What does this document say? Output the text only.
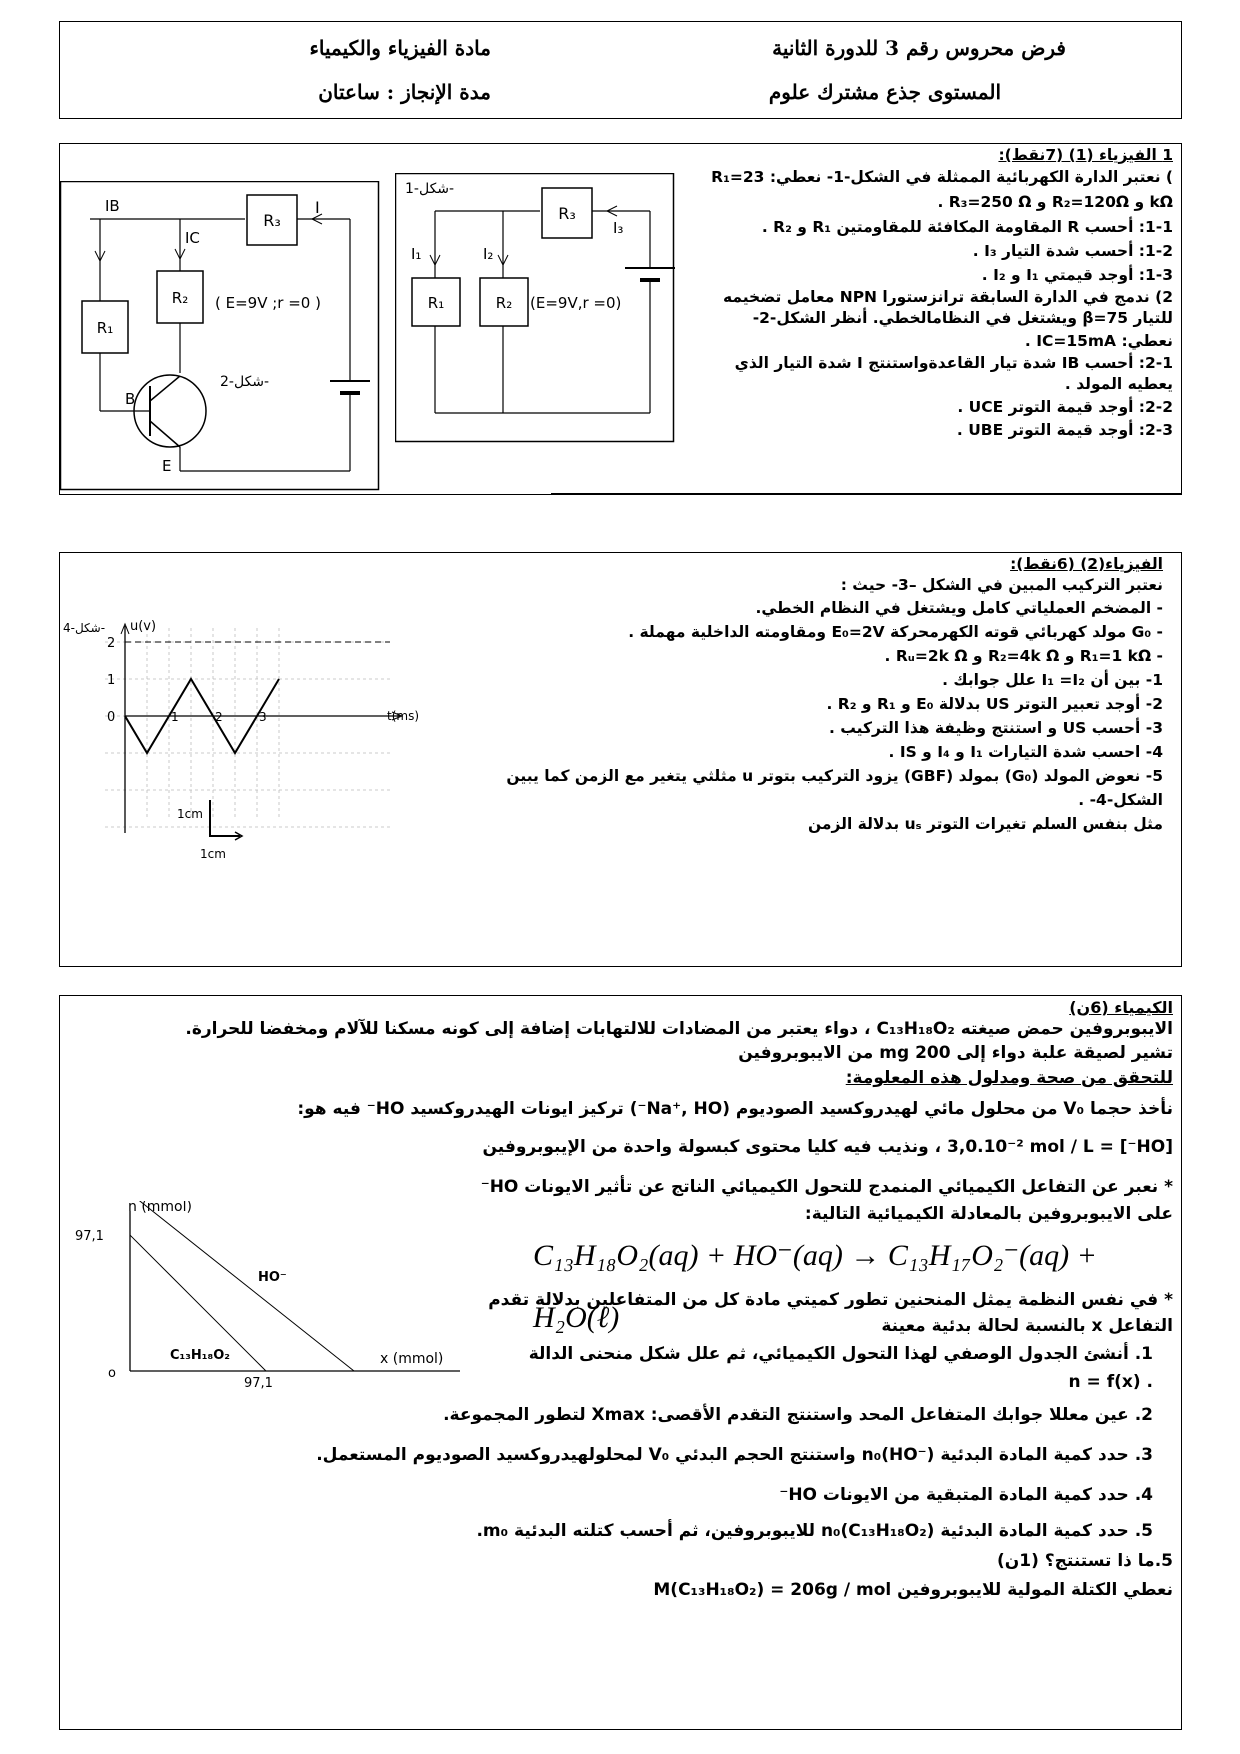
فرض محروس رقم 3 للدورة الثانية
مادة الفيزياء والكيمياء
المستوى جذع مشترك علوم
مدة الإنجاز : ساعتان
R₃
I
IB
R₁
B
IC
R₂
E
( E=9V ;r =0 )
شكل-2-
شكل-1-
R₃
I₃
I₁
R₁
I₂
R₂ (E=9V,r =0)
1 الفيزياء (1) (7نقط):
) نعتبر الدارة الكهربائية الممثلة في الشكل-1- نعطي: R₁=23 kΩ و R₂=120Ω و R₃=250 Ω .
1-1: أحسب R المقاومة المكافئة للمقاومتين R₁ و R₂ .
1-2: أحسب شدة التيار I₃ .
1-3: أوجد قيمتي I₁ و I₂ .
2) ندمج في الدارة السابقة ترانزستورا NPN معامل تضخيمه للتيار β=75 ويشتغل في النظامالخطي. أنظر الشكل-2-
نعطي: IC=15mA .
2-1: أحسب IB شدة تيار القاعدةواستنتج I شدة التيار الذي يعطيه المولد .
2-2: أوجد قيمة التوتر UCE .
2-3: أوجد قيمة التوتر UBE .
u(v)
t(ms)
شكل-4-
2
1
0	1	2	3
1cm
1cm
الفيزياء(2) (6نقط):
نعتبر التركيب المبين في الشكل –3- حيث :
- المضخم العملياتي كامل ويشتغل في النظام الخطي.
- G₀ مولد كهربائي قوته الكهرمحركة E₀=2V ومقاومته الداخلية مهملة .
- R₁=1 kΩ و R₂=4k Ω و Rᵤ=2k Ω .
1- بين أن I₁ =I₂ علل جوابك .
2- أوجد تعبير التوتر US بدلالة E₀ و R₁ و R₂ .
3- أحسب US و استنتج وظيفة هذا التركيب .
4- احسب شدة التيارات I₁ و I₄ و IS .
5- نعوض المولد (G₀) بمولد (GBF) يزود التركيب بتوتر u مثلثي يتغير مع الزمن كما يبين الشكل-4- .
مثل بنفس السلم تغيرات التوتر uₛ بدلالة الزمن
n (mmol)
x (mmol)
o
97,1
97,1
HO⁻
C₁₃H₁₈O₂
الكيمياء (6ن)
الايبوبروفين حمض صيغته C₁₃H₁₈O₂ ، دواء يعتبر من المضادات للالتهابات إضافة إلى كونه مسكنا للآلام ومخفضا للحرارة.
تشير لصيقة علبة دواء إلى 200 mg من الايبوبروفين
للتحقق من صحة ومدلول هذه المعلومة:
نأخذ حجما V₀ من محلول مائي لهيدروكسيد الصوديوم (Na⁺, HO⁻) تركيز ايونات الهيدروكسيد HO⁻ فيه هو:
[HO⁻] = 3,0.10⁻² mol / L ، ونذيب فيه كليا محتوى كبسولة واحدة من الإيبوبروفين
* نعبر عن التفاعل الكيميائي المنمدج للتحول الكيميائي الناتج عن تأثير الايونات HO⁻
على الايبوبروفين بالمعادلة الكيميائية التالية:
C₁₃H₁₈O₂(aq) + HO⁻(aq) → C₁₃H₁₇O₂⁻(aq) + H₂O(ℓ)
* في نفس النظمة يمثل المنحنين تطور كميتي مادة كل من المتفاعلين بدلالة تقدم
التفاعل x بالنسبة لحالة بدئية معينة
1. أنشئ الجدول الوصفي لهذا التحول الكيميائي، ثم علل شكل منحنى الدالة
. n = f(x)
2. عين معللا جوابك المتفاعل المحد واستنتج التقدم الأقصى: Xmax لتطور المجموعة.
3. حدد كمية المادة البدئية n₀(HO⁻) واستنتج الحجم البدئي V₀ لمحلولهيدروكسيد الصوديوم المستعمل.
4. حدد كمية المادة المتبقية من الايونات HO⁻
5. حدد كمية المادة البدئية n₀(C₁₃H₁₈O₂) للايبوبروفين، ثم أحسب كتلته البدئية m₀.
5.ما ذا تستنتج؟ (1ن)
نعطي الكتلة المولية للايبوبروفين M(C₁₃H₁₈O₂) = 206g / mol
